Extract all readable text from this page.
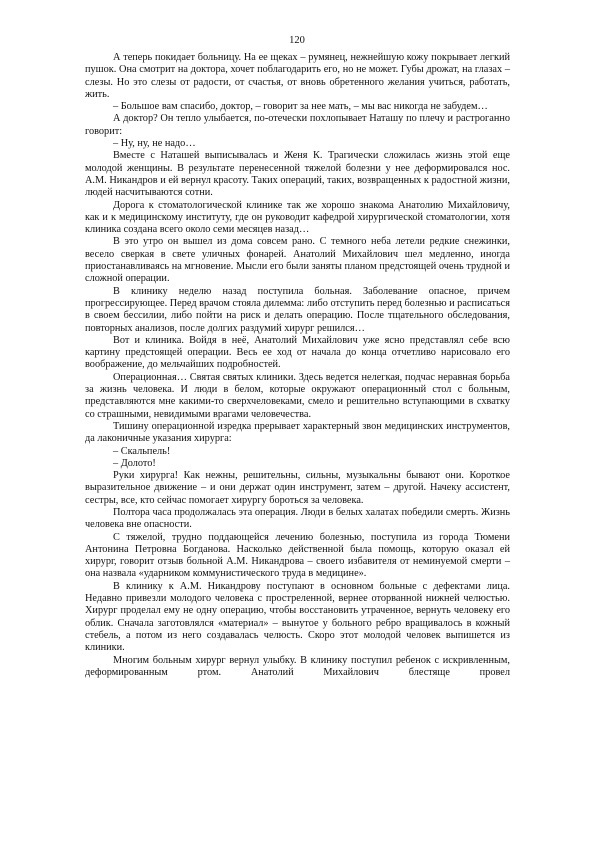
120

А теперь покидает больницу. На ее щеках – румянец, нежнейшую кожу покрывает легкий пушок. Она смотрит на доктора, хочет поблагодарить его, но не может. Губы дрожат, на глазах – слезы. Но это слезы от радости, от счастья, от вновь обретенного желания учиться, работать, жить.

– Большое вам спасибо, доктор, – говорит за нее мать, – мы вас никогда не забудем…

А доктор? Он тепло улыбается, по-отечески похлопывает Наташу по плечу и растроганно говорит:

– Ну, ну, не надо…

Вместе с Наташей выписывалась и Женя К. Трагически сложилась жизнь этой еще молодой женщины. В результате перенесенной тяжелой болезни у нее деформировался нос. А.М. Никандров и ей вернул красоту. Таких операций, таких, возвращенных к радостной жизни, людей насчитываются сотни.

Дорога к стоматологической клинике так же хорошо знакома Анатолию Михайловичу, как и к медицинскому институту, где он руководит кафедрой хирургической стоматологии, хотя клиника создана всего около семи месяцев назад…

В это утро он вышел из дома совсем рано. С темного неба летели редкие снежинки, весело сверкая в свете уличных фонарей. Анатолий Михайлович шел медленно, иногда приостанавливаясь на мгновение. Мысли его были заняты планом предстоящей очень трудной и сложной операции.

В клинику неделю назад поступила больная. Заболевание опасное, причем прогрессирующее. Перед врачом стояла дилемма: либо отступить перед болезнью и расписаться в своем бессилии, либо пойти на риск и делать операцию. После тщательного обследования, повторных анализов, после долгих раздумий хирург решился…

Вот и клиника. Войдя в неё, Анатолий Михайлович уже ясно представлял себе всю картину предстоящей операции. Весь ее ход от начала до конца отчетливо нарисовало его воображение, до мельчайших подробностей.

Операционная… Святая святых клиники. Здесь ведется нелегкая, подчас неравная борьба за жизнь человека. И люди в белом, которые окружают операционный стол с больным, представляются мне какими-то сверхчеловеками, смело и решительно вступающими в схватку со страшными, невидимыми врагами человечества.

Тишину операционной изредка прерывает характерный звон медицинских инструментов, да лаконичные указания хирурга:

– Скальпель!

– Долото!

Руки хирурга! Как нежны, решительны, сильны, музыкальны бывают они. Короткое выразительное движение – и они держат один инструмент, затем – другой. Начеку ассистент, сестры, все, кто сейчас помогает хирургу бороться за человека.

Полтора часа продолжалась эта операция. Люди в белых халатах победили смерть. Жизнь человека вне опасности.

С тяжелой, трудно поддающейся лечению болезнью, поступила из города Тюмени Антонина Петровна Богданова. Насколько действенной была помощь, которую оказал ей хирург, говорит отзыв больной А.М. Никандрова – своего избавителя от неминуемой смерти – она назвала «ударником коммунистического труда в медицине».

В клинику к А.М. Никандрову поступают в основном больные с дефектами лица. Недавно привезли молодого человека с простреленной, вернее оторванной нижней челюстью. Хирург проделал ему не одну операцию, чтобы восстановить утраченное, вернуть человеку его облик. Сначала заготовлялся «материал» – вынутое у больного ребро вращивалось в кожный стебель, а потом из него создавалась челюсть. Скоро этот молодой человек выпишется из клиники.

Многим больным хирург вернул улыбку. В клинику поступил ребенок с искривленным, деформированным ртом. Анатолий Михайлович блестяще провел
